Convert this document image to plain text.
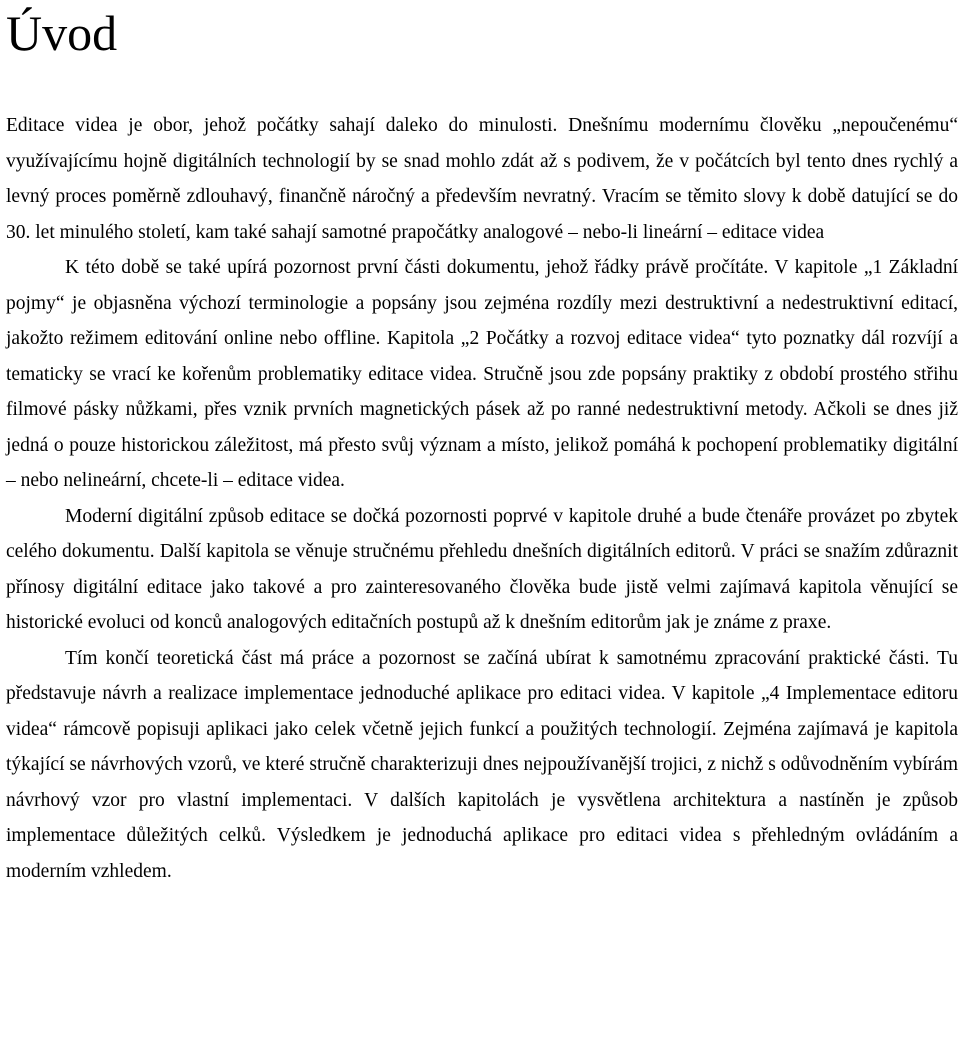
Úvod

Editace videa je obor, jehož počátky sahají daleko do minulosti. Dnešnímu modernímu člověku „nepoučenému“ využívajícímu hojně digitálních technologií by se snad mohlo zdát až s podivem, že v počátcích byl tento dnes rychlý a levný proces poměrně zdlouhavý, finančně náročný a především nevratný. Vracím se těmito slovy k době datující se do 30. let minulého století, kam také sahají samotné prapočátky analogové – nebo-li lineární – editace videa

K této době se také upírá pozornost první části dokumentu, jehož řádky právě pročítáte. V kapitole „1 Základní pojmy“ je objasněna výchozí terminologie a popsány jsou zejména rozdíly mezi destruktivní a nedestruktivní editací, jakožto režimem editování online nebo offline. Kapitola „2 Počátky a rozvoj editace videa“ tyto poznatky dál rozvíjí a tematicky se vrací ke kořenům problematiky editace videa. Stručně jsou zde popsány praktiky z období prostého střihu filmové pásky nůžkami, přes vznik prvních magnetických pásek až po ranné nedestruktivní metody. Ačkoli se dnes již jedná o pouze historickou záležitost, má přesto svůj význam a místo, jelikož pomáhá k pochopení problematiky digitální – nebo nelineární, chcete-li – editace videa.

Moderní digitální způsob editace se dočká pozornosti poprvé v kapitole druhé a bude čtenáře provázet po zbytek celého dokumentu. Další kapitola se věnuje stručnému přehledu dnešních digitálních editorů. V práci se snažím zdůraznit přínosy digitální editace jako takové a pro zainteresovaného člověka bude jistě velmi zajímavá kapitola věnující se historické evoluci od konců analogových editačních postupů až k dnešním editorům jak je známe z praxe.

Tím končí teoretická část má práce a pozornost se začíná ubírat k samotnému zpracování praktické části. Tu představuje návrh a realizace implementace jednoduché aplikace pro editaci videa. V kapitole „4 Implementace editoru videa“ rámcově popisuji aplikaci jako celek včetně jejich funkcí a použitých technologií. Zejména zajímavá je kapitola týkající se návrhových vzorů, ve které stručně charakterizuji dnes nejpoužívanější trojici, z nichž s odůvodněním vybírám návrhový vzor pro vlastní implementaci. V dalších kapitolách je vysvětlena architektura a nastíněn je způsob implementace důležitých celků. Výsledkem je jednoduchá aplikace pro editaci videa s přehledným ovládáním a moderním vzhledem.
